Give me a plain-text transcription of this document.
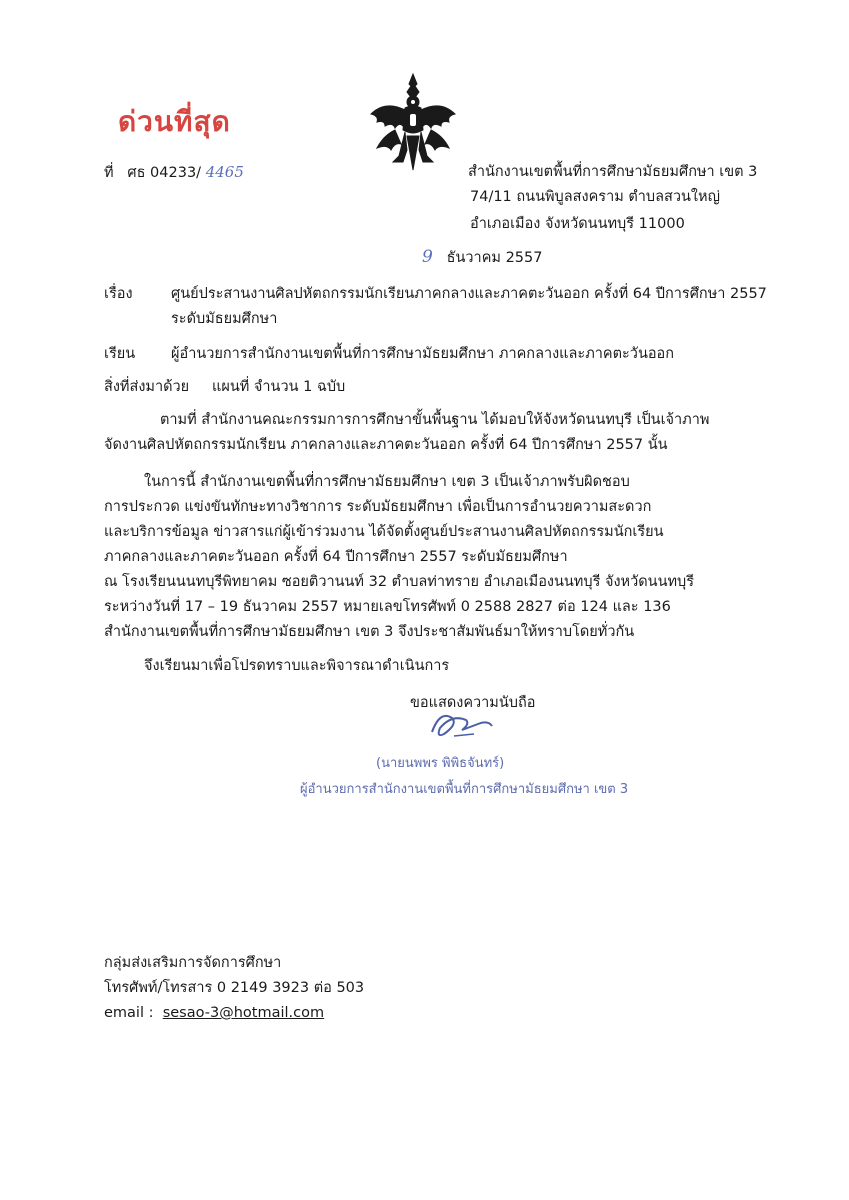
ด่วนที่สุด
ที่ ศธ 04233/ 4465	สำนักงานเขตพื้นที่การศึกษามัธยมศึกษา เขต 3
74/11 ถนนพิบูลสงคราม ตำบลสวนใหญ่
อำเภอเมือง จังหวัดนนทบุรี 11000
9 ธันวาคม 2557
เรื่อง	ศูนย์ประสานงานศิลปหัตถกรรมนักเรียนภาคกลางและภาคตะวันออก ครั้งที่ 64 ปีการศึกษา 2557
ระดับมัธยมศึกษา
เรียน ผู้อำนวยการสำนักงานเขตพื้นที่การศึกษามัธยมศึกษา ภาคกลางและภาคตะวันออก
สิ่งที่ส่งมาด้วย แผนที่ จำนวน 1 ฉบับ
ตามที่ สำนักงานคณะกรรมการการศึกษาขั้นพื้นฐาน ได้มอบให้จังหวัดนนทบุรี เป็นเจ้าภาพ
จัดงานศิลปหัตถกรรมนักเรียน ภาคกลางและภาคตะวันออก ครั้งที่ 64 ปีการศึกษา 2557 นั้น
ในการนี้ สำนักงานเขตพื้นที่การศึกษามัธยมศึกษา เขต 3 เป็นเจ้าภาพรับผิดชอบ
การประกวด แข่งขันทักษะทางวิชาการ ระดับมัธยมศึกษา เพื่อเป็นการอำนวยความสะดวก
และบริการข้อมูล ข่าวสารแก่ผู้เข้าร่วมงาน ได้จัดตั้งศูนย์ประสานงานศิลปหัตถกรรมนักเรียน
ภาคกลางและภาคตะวันออก ครั้งที่ 64 ปีการศึกษา 2557 ระดับมัธยมศึกษา
ณ โรงเรียนนนทบุรีพิทยาคม ซอยติวานนท์ 32 ตำบลท่าทราย อำเภอเมืองนนทบุรี จังหวัดนนทบุรี
ระหว่างวันที่ 17 – 19 ธันวาคม 2557 หมายเลขโทรศัพท์ 0 2588 2827 ต่อ 124 และ 136
สำนักงานเขตพื้นที่การศึกษามัธยมศึกษา เขต 3 จึงประชาสัมพันธ์มาให้ทราบโดยทั่วกัน
จึงเรียนมาเพื่อโปรดทราบและพิจารณาดำเนินการ
ขอแสดงความนับถือ
(นายนพพร พิพิธจันทร์)
ผู้อำนวยการสำนักงานเขตพื้นที่การศึกษามัธยมศึกษา เขต 3
กลุ่มส่งเสริมการจัดการศึกษา
โทรศัพท์/โทรสาร 0 2149 3923 ต่อ 503
email : sesao-3@hotmail.com
